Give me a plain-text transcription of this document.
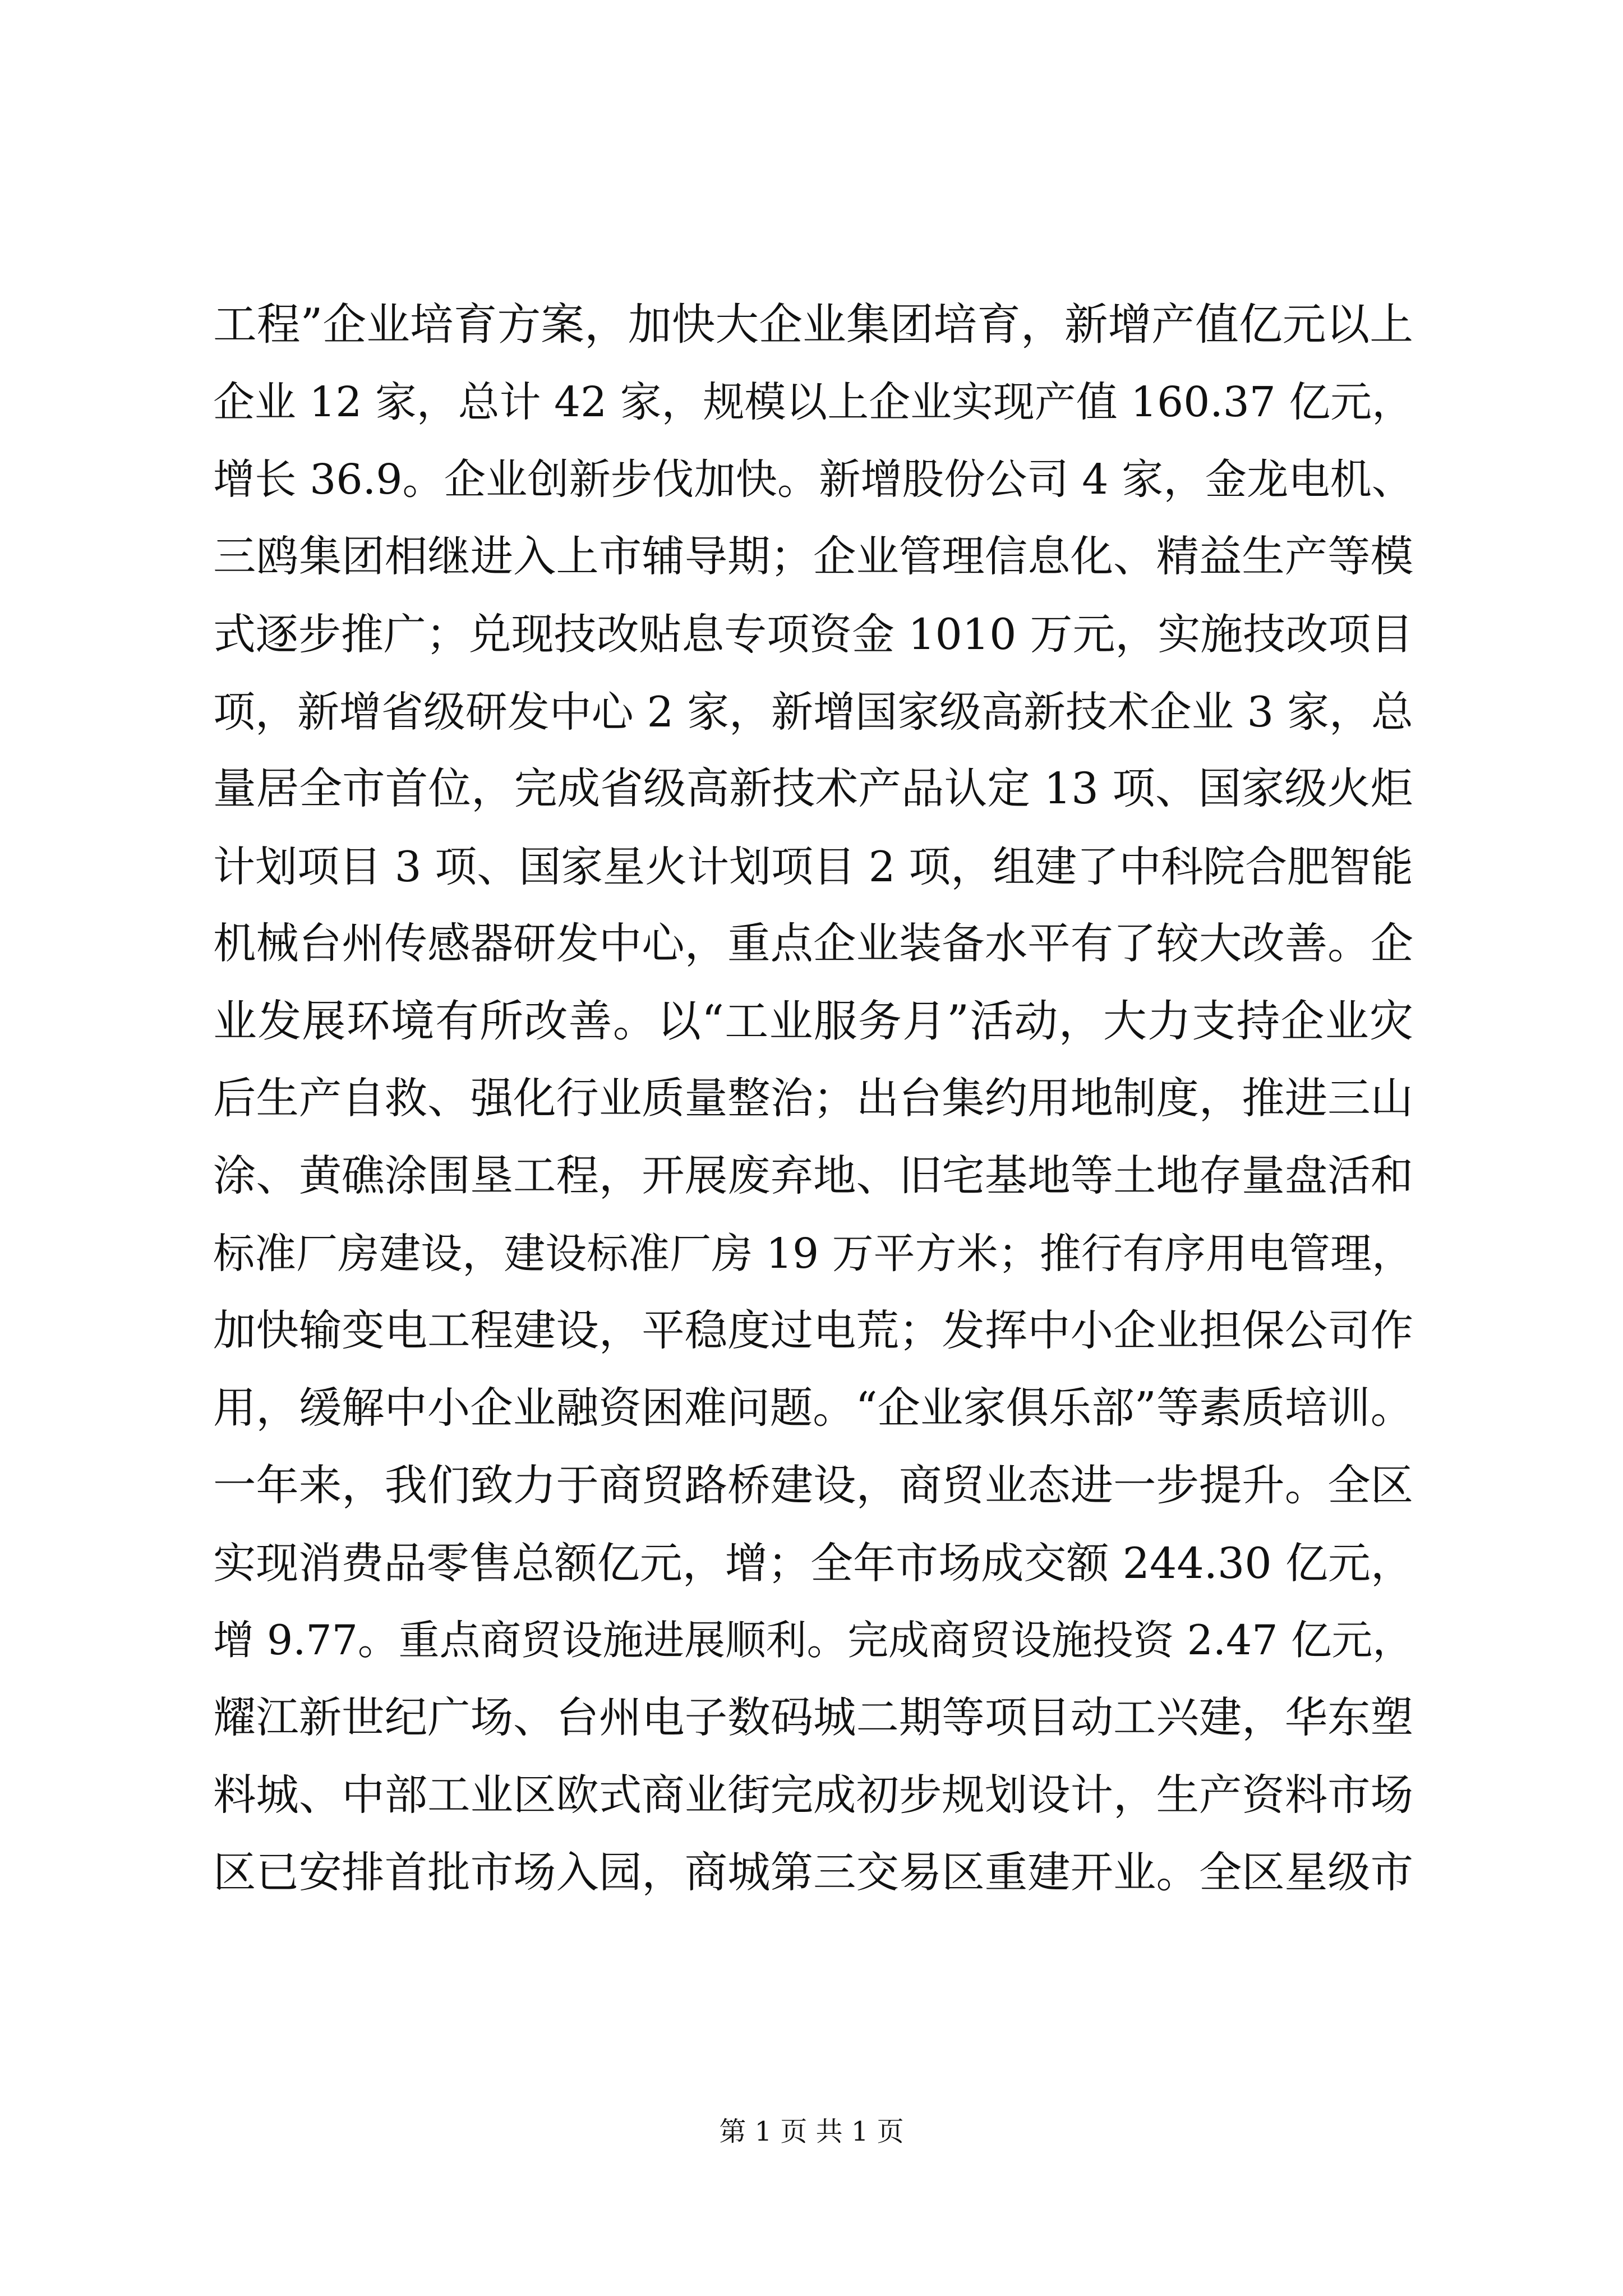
工程”企业培育方案，加快大企业集团培育，新增产值亿元以上
企业 12 家，总计 42 家，规模以上企业实现产值 160.37 亿元，
增长 36.9。企业创新步伐加快。新增股份公司 4 家，金龙电机、
三鸥集团相继进入上市辅导期；企业管理信息化、精益生产等模
式逐步推广；兑现技改贴息专项资金 1010 万元，实施技改项目
项，新增省级研发中心 2 家，新增国家级高新技术企业 3 家，总
量居全市首位，完成省级高新技术产品认定 13 项、国家级火炬
计划项目 3 项、国家星火计划项目 2 项，组建了中科院合肥智能
机械台州传感器研发中心，重点企业装备水平有了较大改善。企
业发展环境有所改善。以“工业服务月”活动，大力支持企业灾
后生产自救、强化行业质量整治；出台集约用地制度，推进三山
涂、黄礁涂围垦工程，开展废弃地、旧宅基地等土地存量盘活和
标准厂房建设，建设标准厂房 19 万平方米；推行有序用电管理，
加快输变电工程建设，平稳度过电荒；发挥中小企业担保公司作
用，缓解中小企业融资困难问题。“企业家俱乐部”等素质培训。
一年来，我们致力于商贸路桥建设，商贸业态进一步提升。全区
实现消费品零售总额亿元，增；全年市场成交额 244.30 亿元，
增 9.77。重点商贸设施进展顺利。完成商贸设施投资 2.47 亿元，
耀江新世纪广场、台州电子数码城二期等项目动工兴建，华东塑
料城、中部工业区欧式商业街完成初步规划设计，生产资料市场
区已安排首批市场入园，商城第三交易区重建开业。全区星级市
第 1 页 共 1 页
